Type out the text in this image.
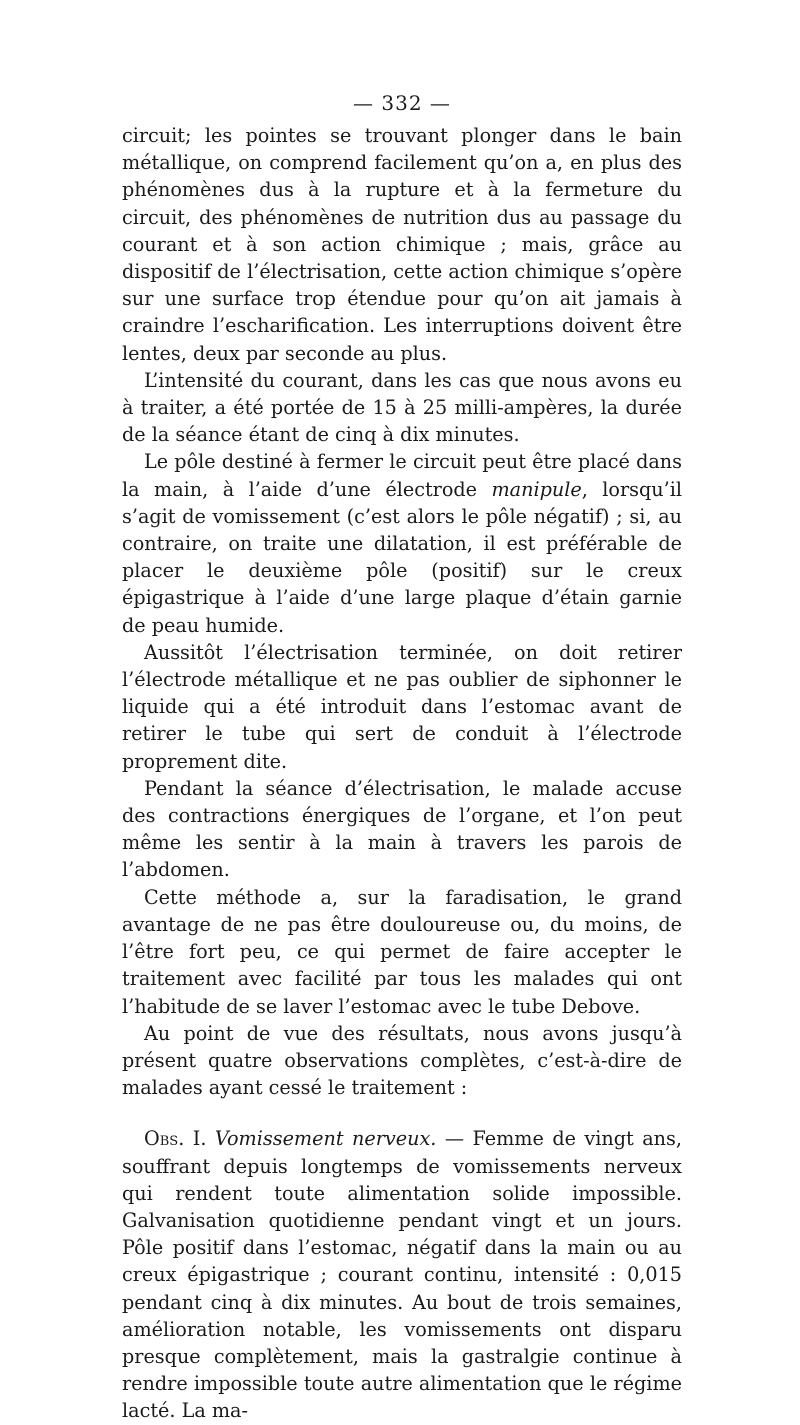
— 332 —

circuit; les pointes se trouvant plonger dans le bain métallique, on comprend facilement qu’on a, en plus des phénomènes dus à la rupture et à la fermeture du circuit, des phénomènes de nutrition dus au passage du courant et à son action chimique ; mais, grâce au dispositif de l’électrisation, cette action chimique s’opère sur une surface trop étendue pour qu’on ait jamais à craindre l’escharification. Les interruptions doivent être lentes, deux par seconde au plus.

L’intensité du courant, dans les cas que nous avons eu à traiter, a été portée de 15 à 25 milli-ampères, la durée de la séance étant de cinq à dix minutes.

Le pôle destiné à fermer le circuit peut être placé dans la main, à l’aide d’une électrode manipule, lorsqu’il s’agit de vomissement (c’est alors le pôle négatif) ; si, au contraire, on traite une dilatation, il est préférable de placer le deuxième pôle (positif) sur le creux épigastrique à l’aide d’une large plaque d’étain garnie de peau humide.

Aussitôt l’électrisation terminée, on doit retirer l’électrode métallique et ne pas oublier de siphonner le liquide qui a été introduit dans l’estomac avant de retirer le tube qui sert de conduit à l’électrode proprement dite.

Pendant la séance d’électrisation, le malade accuse des contractions énergiques de l’organe, et l’on peut même les sentir à la main à travers les parois de l’abdomen.

Cette méthode a, sur la faradisation, le grand avantage de ne pas être douloureuse ou, du moins, de l’être fort peu, ce qui permet de faire accepter le traitement avec facilité par tous les malades qui ont l’habitude de se laver l’estomac avec le tube Debove.

Au point de vue des résultats, nous avons jusqu’à présent quatre observations complètes, c’est-à-dire de malades ayant cessé le traitement :

Obs. I. Vomissement nerveux. — Femme de vingt ans, souffrant depuis longtemps de vomissements nerveux qui rendent toute alimentation solide impossible. Galvanisation quotidienne pendant vingt et un jours. Pôle positif dans l’estomac, négatif dans la main ou au creux épigastrique ; courant continu, intensité : 0,015 pendant cinq à dix minutes. Au bout de trois semaines, amélioration notable, les vomissements ont disparu presque complètement, mais la gastralgie continue à rendre impossible toute autre alimentation que le régime lacté. La ma-
